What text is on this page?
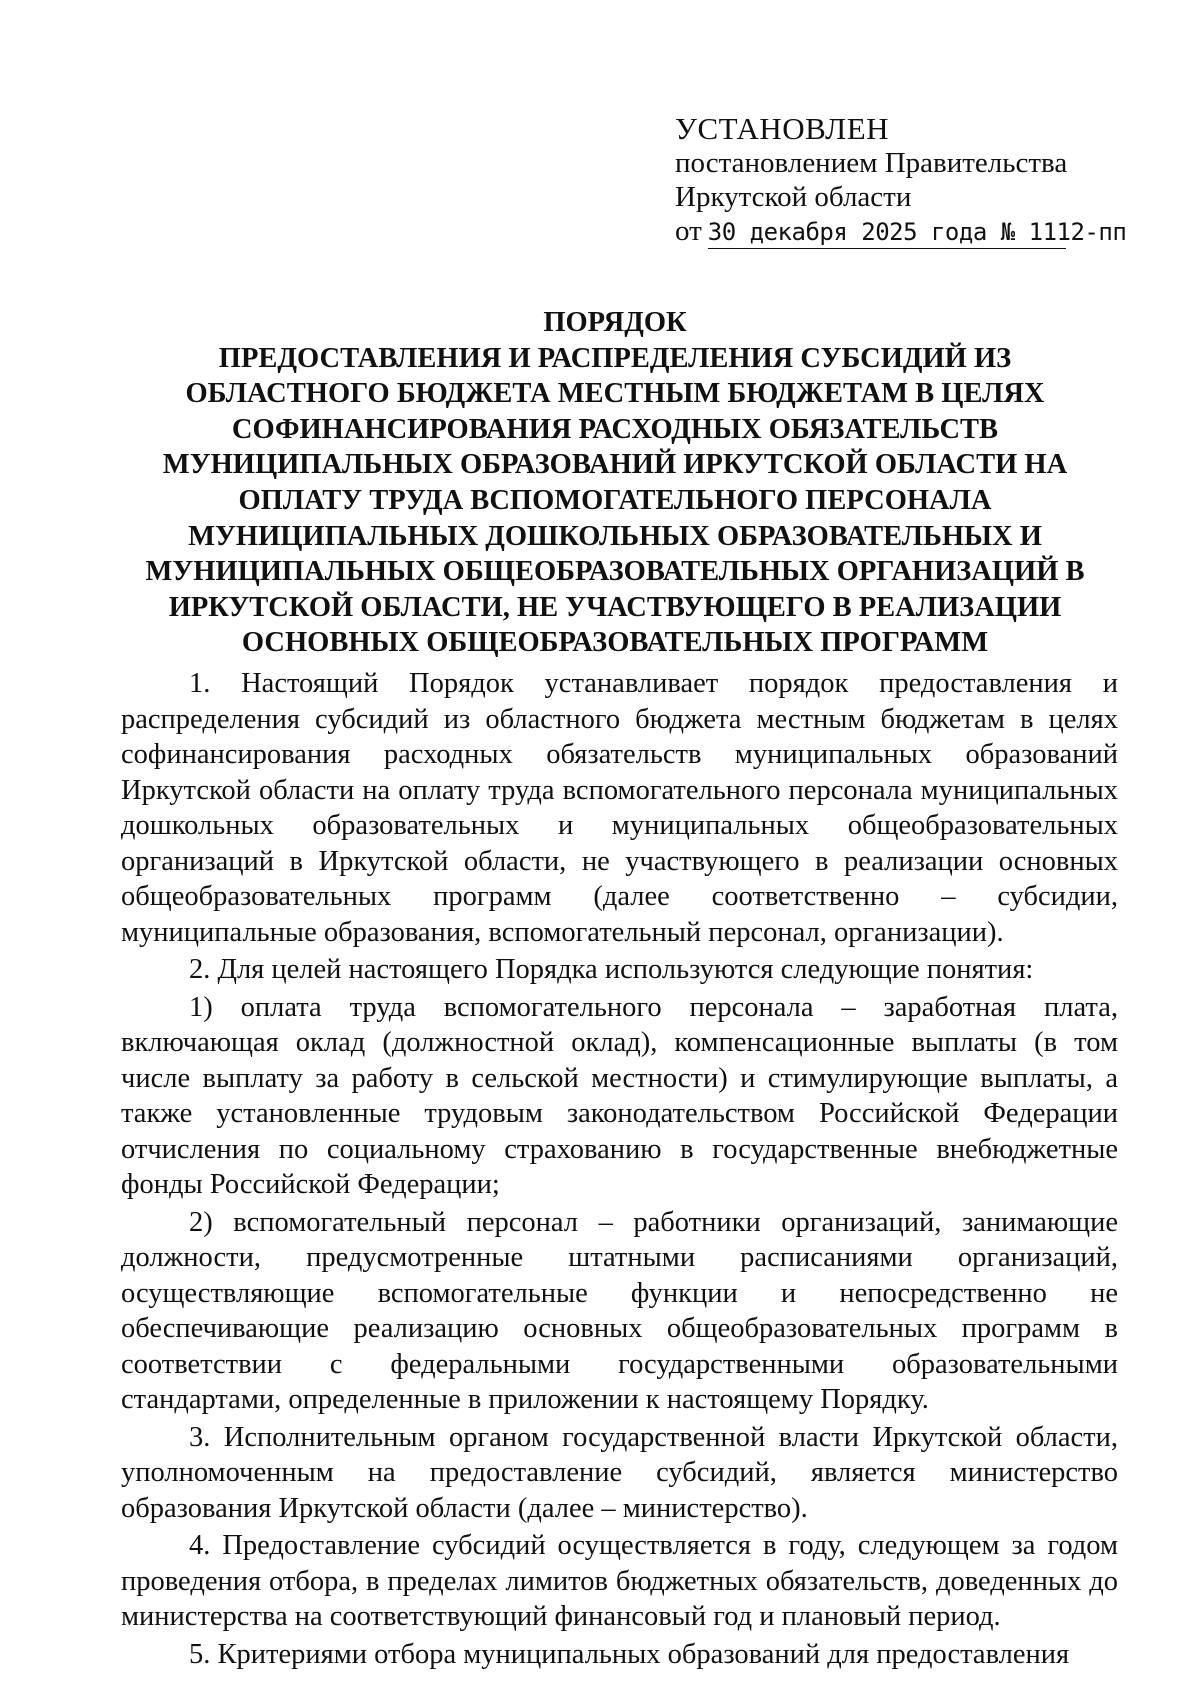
УСТАНОВЛЕН
постановлением Правительства
Иркутской области
от 30 декабря 2025 года № 1112-пп
ПОРЯДОК
ПРЕДОСТАВЛЕНИЯ И РАСПРЕДЕЛЕНИЯ СУБСИДИЙ ИЗ
ОБЛАСТНОГО БЮДЖЕТА МЕСТНЫМ БЮДЖЕТАМ В ЦЕЛЯХ
СОФИНАНСИРОВАНИЯ РАСХОДНЫХ ОБЯЗАТЕЛЬСТВ
МУНИЦИПАЛЬНЫХ ОБРАЗОВАНИЙ ИРКУТСКОЙ ОБЛАСТИ НА
ОПЛАТУ ТРУДА ВСПОМОГАТЕЛЬНОГО ПЕРСОНАЛА
МУНИЦИПАЛЬНЫХ ДОШКОЛЬНЫХ ОБРАЗОВАТЕЛЬНЫХ И
МУНИЦИПАЛЬНЫХ ОБЩЕОБРАЗОВАТЕЛЬНЫХ ОРГАНИЗАЦИЙ В
ИРКУТСКОЙ ОБЛАСТИ, НЕ УЧАСТВУЮЩЕГО В РЕАЛИЗАЦИИ
ОСНОВНЫХ ОБЩЕОБРАЗОВАТЕЛЬНЫХ ПРОГРАММ

1. Настоящий Порядок устанавливает порядок предоставления и распределения субсидий из областного бюджета местным бюджетам в целях софинансирования расходных обязательств муниципальных образований Иркутской области на оплату труда вспомогательного персонала муниципальных дошкольных образовательных и муниципальных общеобразовательных организаций в Иркутской области, не участвующего в реализации основных общеобразовательных программ (далее соответственно – субсидии, муниципальные образования, вспомогательный персонал, организации).

2. Для целей настоящего Порядка используются следующие понятия:

1) оплата труда вспомогательного персонала – заработная плата, включающая оклад (должностной оклад), компенсационные выплаты (в том числе выплату за работу в сельской местности) и стимулирующие выплаты, а также установленные трудовым законодательством Российской Федерации отчисления по социальному страхованию в государственные внебюджетные фонды Российской Федерации;

2) вспомогательный персонал – работники организаций, занимающие должности, предусмотренные штатными расписаниями организаций, осуществляющие вспомогательные функции и непосредственно не обеспечивающие реализацию основных общеобразовательных программ в соответствии с федеральными государственными образовательными стандартами, определенные в приложении к настоящему Порядку.

3. Исполнительным органом государственной власти Иркутской области, уполномоченным на предоставление субсидий, является министерство образования Иркутской области (далее – министерство).

4. Предоставление субсидий осуществляется в году, следующем за годом проведения отбора, в пределах лимитов бюджетных обязательств, доведенных до министерства на соответствующий финансовый год и плановый период.

5. Критериями отбора муниципальных образований для предоставления
